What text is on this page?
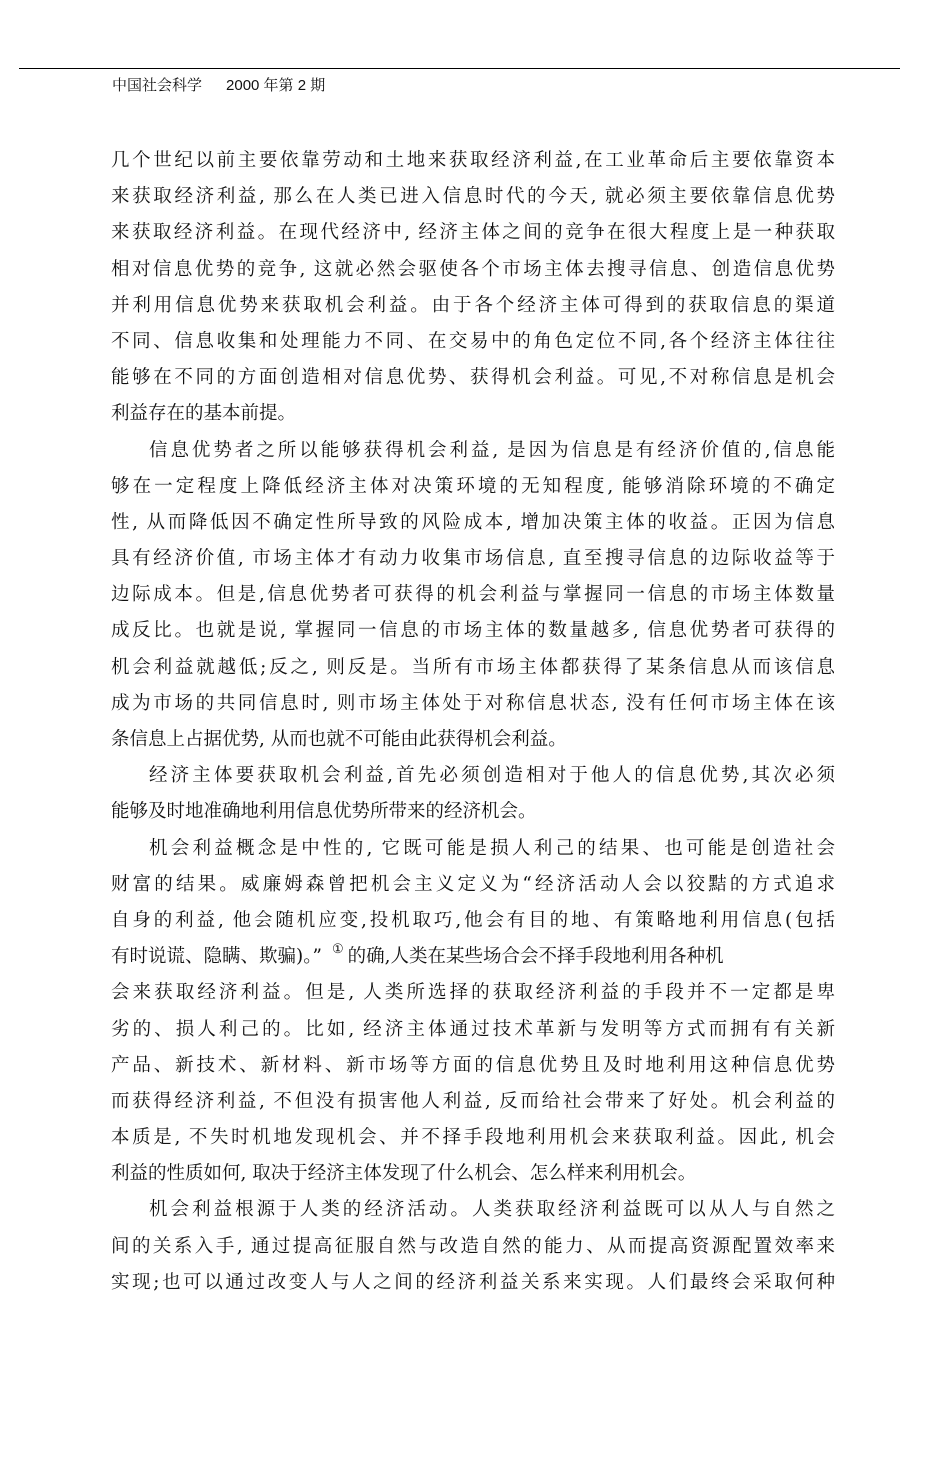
中国社会科学 2000 年第 2 期
几个世纪以前主要依靠劳动和土地来获取经济利益,在工业革命后主要依靠资本
来获取经济利益, 那么在人类已进入信息时代的今天, 就必须主要依靠信息优势
来获取经济利益。在现代经济中, 经济主体之间的竞争在很大程度上是一种获取
相对信息优势的竞争, 这就必然会驱使各个市场主体去搜寻信息、创造信息优势
并利用信息优势来获取机会利益。由于各个经济主体可得到的获取信息的渠道
不同、信息收集和处理能力不同、在交易中的角色定位不同,各个经济主体往往
能够在不同的方面创造相对信息优势、获得机会利益。可见,不对称信息是机会
利益存在的基本前提。
信息优势者之所以能够获得机会利益, 是因为信息是有经济价值的,信息能
够在一定程度上降低经济主体对决策环境的无知程度, 能够消除环境的不确定
性, 从而降低因不确定性所导致的风险成本, 增加决策主体的收益。正因为信息
具有经济价值, 市场主体才有动力收集市场信息, 直至搜寻信息的边际收益等于
边际成本。但是,信息优势者可获得的机会利益与掌握同一信息的市场主体数量
成反比。也就是说, 掌握同一信息的市场主体的数量越多, 信息优势者可获得的
机会利益就越低;反之, 则反是。当所有市场主体都获得了某条信息从而该信息
成为市场的共同信息时, 则市场主体处于对称信息状态, 没有任何市场主体在该
条信息上占据优势, 从而也就不可能由此获得机会利益。
经济主体要获取机会利益,首先必须创造相对于他人的信息优势,其次必须
能够及时地准确地利用信息优势所带来的经济机会。
机会利益概念是中性的, 它既可能是损人利己的结果、也可能是创造社会
财富的结果。威廉姆森曾把机会主义定义为“经济活动人会以狡黠的方式追求
自身的利益, 他会随机应变,投机取巧,他会有目的地、有策略地利用信息(包括
有时说谎、隐瞒、欺骗)。” ① 的确,人类在某些场合会不择手段地利用各种机
会来获取经济利益。但是, 人类所选择的获取经济利益的手段并不一定都是卑
劣的、损人利己的。比如, 经济主体通过技术革新与发明等方式而拥有有关新
产品、新技术、新材料、新市场等方面的信息优势且及时地利用这种信息优势
而获得经济利益, 不但没有损害他人利益, 反而给社会带来了好处。机会利益的
本质是, 不失时机地发现机会、并不择手段地利用机会来获取利益。因此, 机会
利益的性质如何, 取决于经济主体发现了什么机会、怎么样来利用机会。
机会利益根源于人类的经济活动。人类获取经济利益既可以从人与自然之
间的关系入手, 通过提高征服自然与改造自然的能力、从而提高资源配置效率来
实现;也可以通过改变人与人之间的经济利益关系来实现。人们最终会采取何种
